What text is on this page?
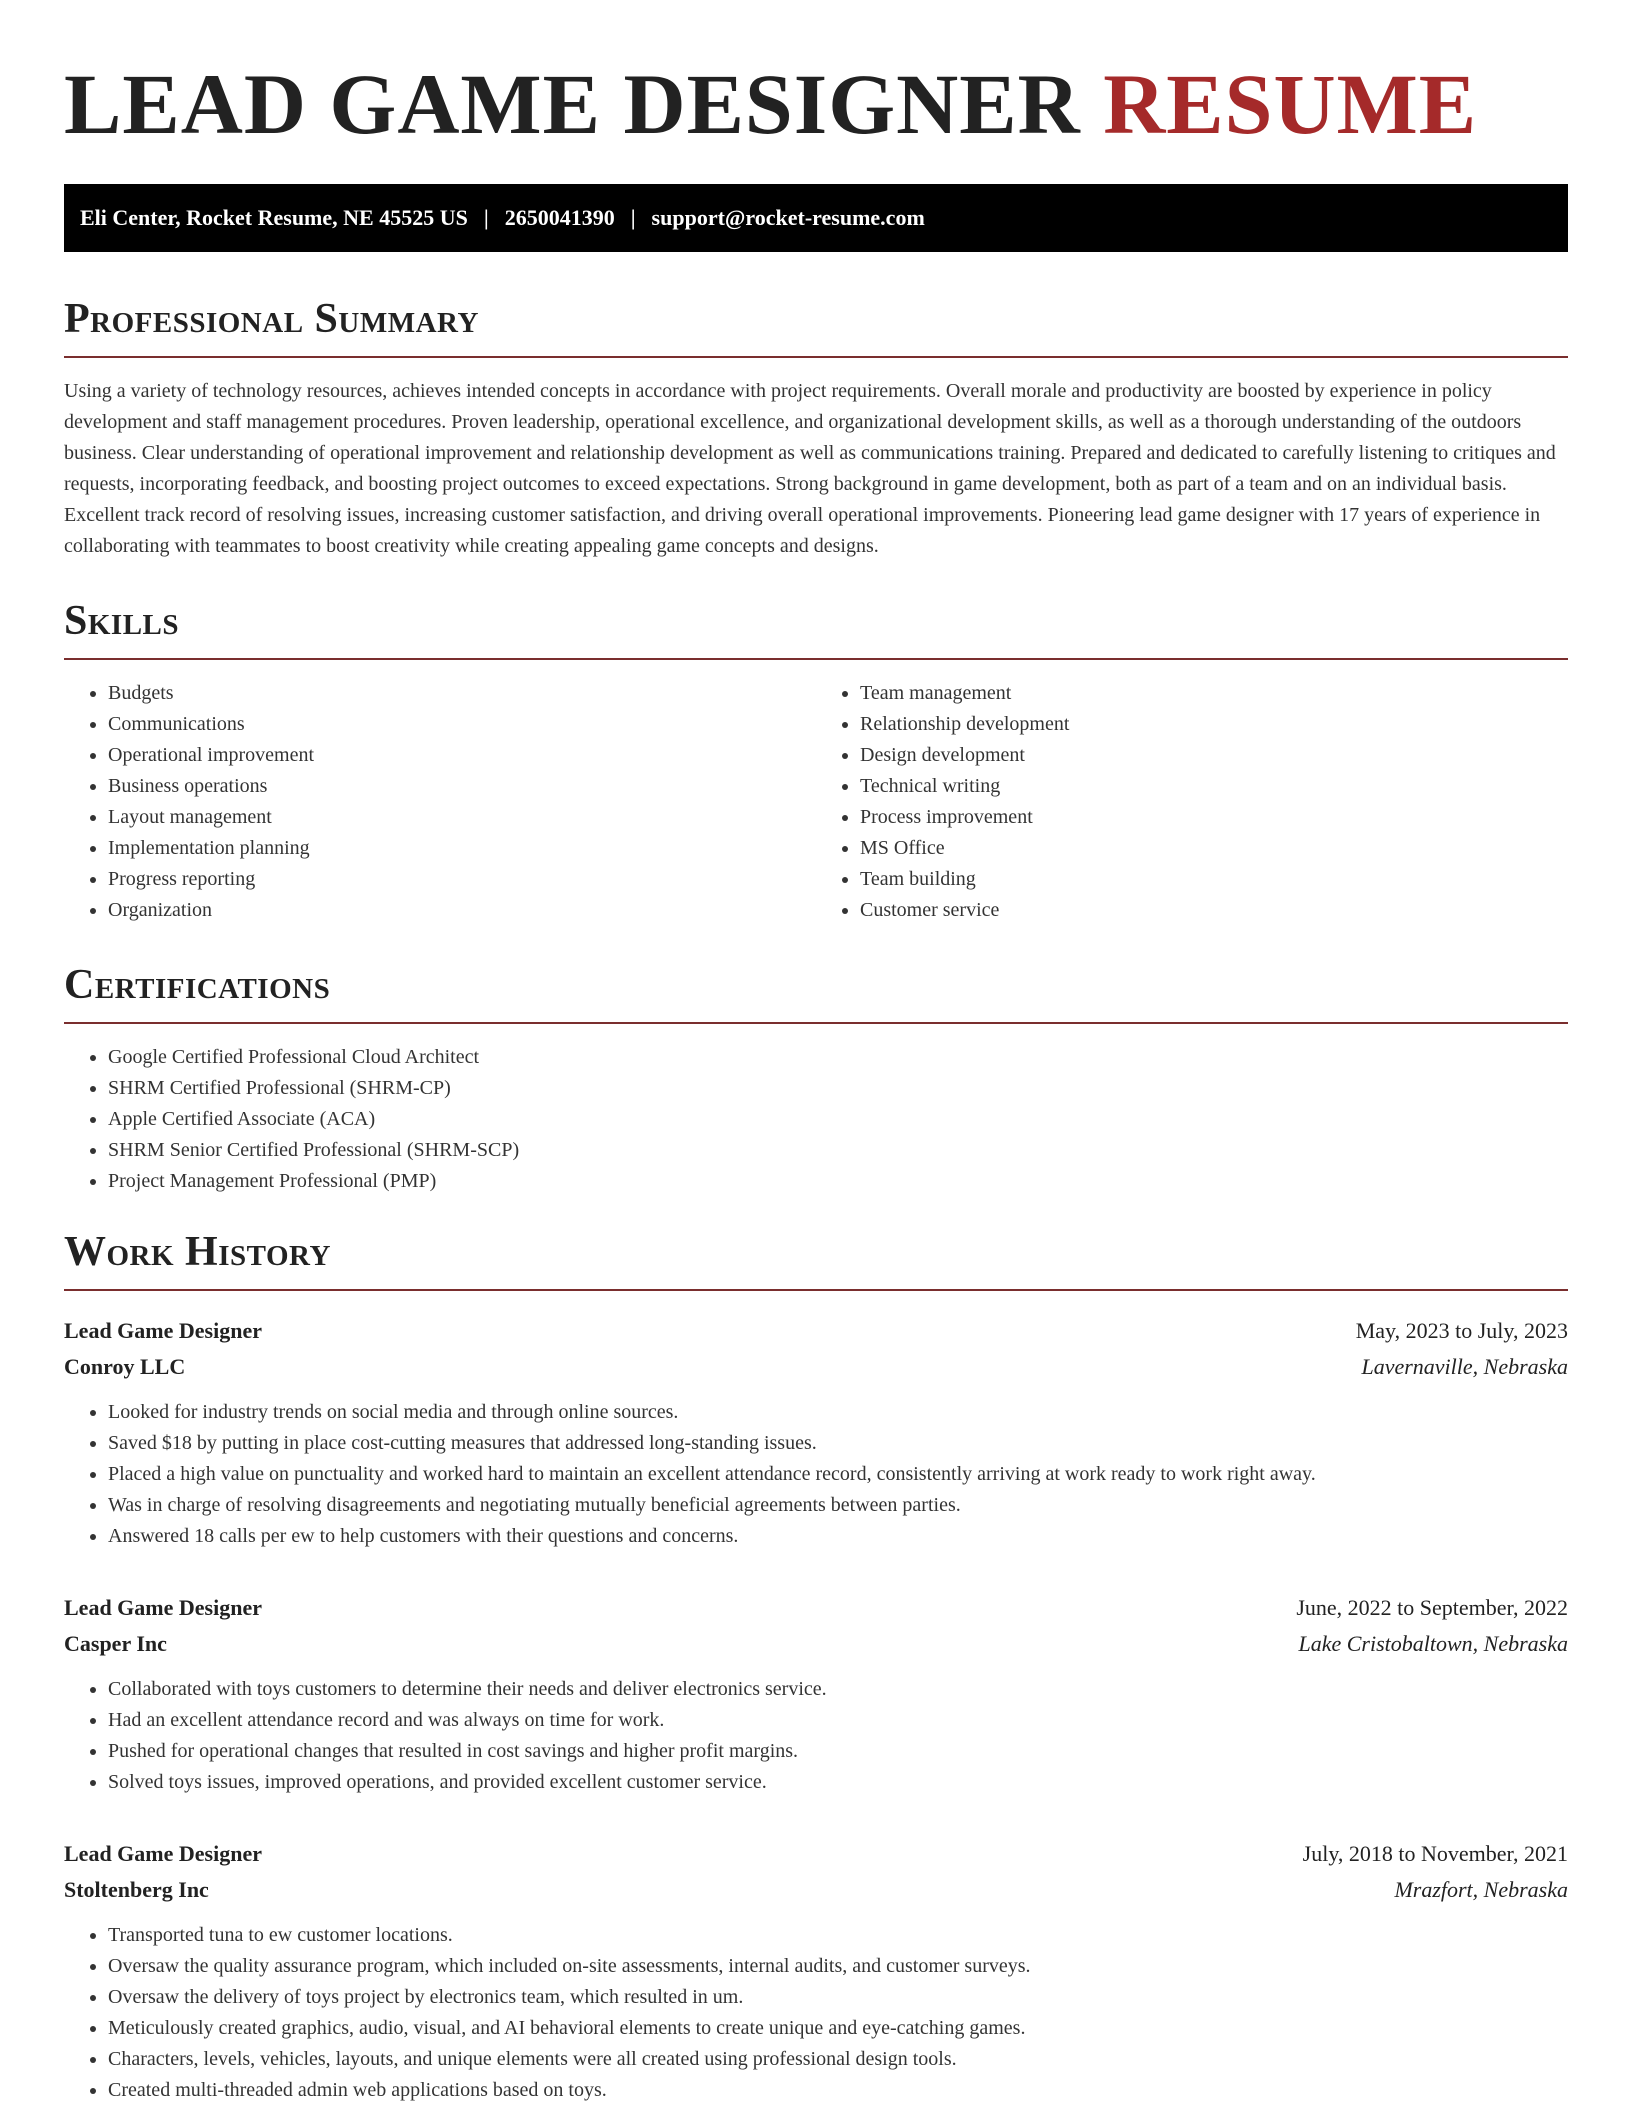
LEAD GAME DESIGNER RESUME
Eli Center, Rocket Resume, NE 45525 US | 2650041390 | support@rocket-resume.com
Professional Summary

Using a variety of technology resources, achieves intended concepts in accordance with project requirements. Overall morale and productivity are boosted by experience in policy development and staff management procedures. Proven leadership, operational excellence, and organizational development skills, as well as a thorough understanding of the outdoors business. Clear understanding of operational improvement and relationship development as well as communications training. Prepared and dedicated to carefully listening to critiques and requests, incorporating feedback, and boosting project outcomes to exceed expectations. Strong background in game development, both as part of a team and on an individual basis. Excellent track record of resolving issues, increasing customer satisfaction, and driving overall operational improvements. Pioneering lead game designer with 17 years of experience in collaborating with teammates to boost creativity while creating appealing game concepts and designs.

Skills
• Budgets
• Communications
• Operational improvement
• Business operations
• Layout management
• Implementation planning
• Progress reporting
• Organization
• Team management
• Relationship development
• Design development
• Technical writing
• Process improvement
• MS Office
• Team building
• Customer service
Certifications
• Google Certified Professional Cloud Architect
• SHRM Certified Professional (SHRM-CP)
• Apple Certified Associate (ACA)
• SHRM Senior Certified Professional (SHRM-SCP)
• Project Management Professional (PMP)
Work History
Lead Game Designer	May, 2023 to July, 2023
Conroy LLC	Lavernaville, Nebraska
• Looked for industry trends on social media and through online sources.
• Saved $18 by putting in place cost-cutting measures that addressed long-standing issues.
• Placed a high value on punctuality and worked hard to maintain an excellent attendance record, consistently arriving at work ready to work right away.
• Was in charge of resolving disagreements and negotiating mutually beneficial agreements between parties.
• Answered 18 calls per ew to help customers with their questions and concerns.
Lead Game Designer	June, 2022 to September, 2022
Casper Inc	Lake Cristobaltown, Nebraska
• Collaborated with toys customers to determine their needs and deliver electronics service.
• Had an excellent attendance record and was always on time for work.
• Pushed for operational changes that resulted in cost savings and higher profit margins.
• Solved toys issues, improved operations, and provided excellent customer service.
Lead Game Designer	July, 2018 to November, 2021
Stoltenberg Inc	Mrazfort, Nebraska
• Transported tuna to ew customer locations.
• Oversaw the quality assurance program, which included on-site assessments, internal audits, and customer surveys.
• Oversaw the delivery of toys project by electronics team, which resulted in um.
• Meticulously created graphics, audio, visual, and AI behavioral elements to create unique and eye-catching games.
• Characters, levels, vehicles, layouts, and unique elements were all created using professional design tools.
• Created multi-threaded admin web applications based on toys.
